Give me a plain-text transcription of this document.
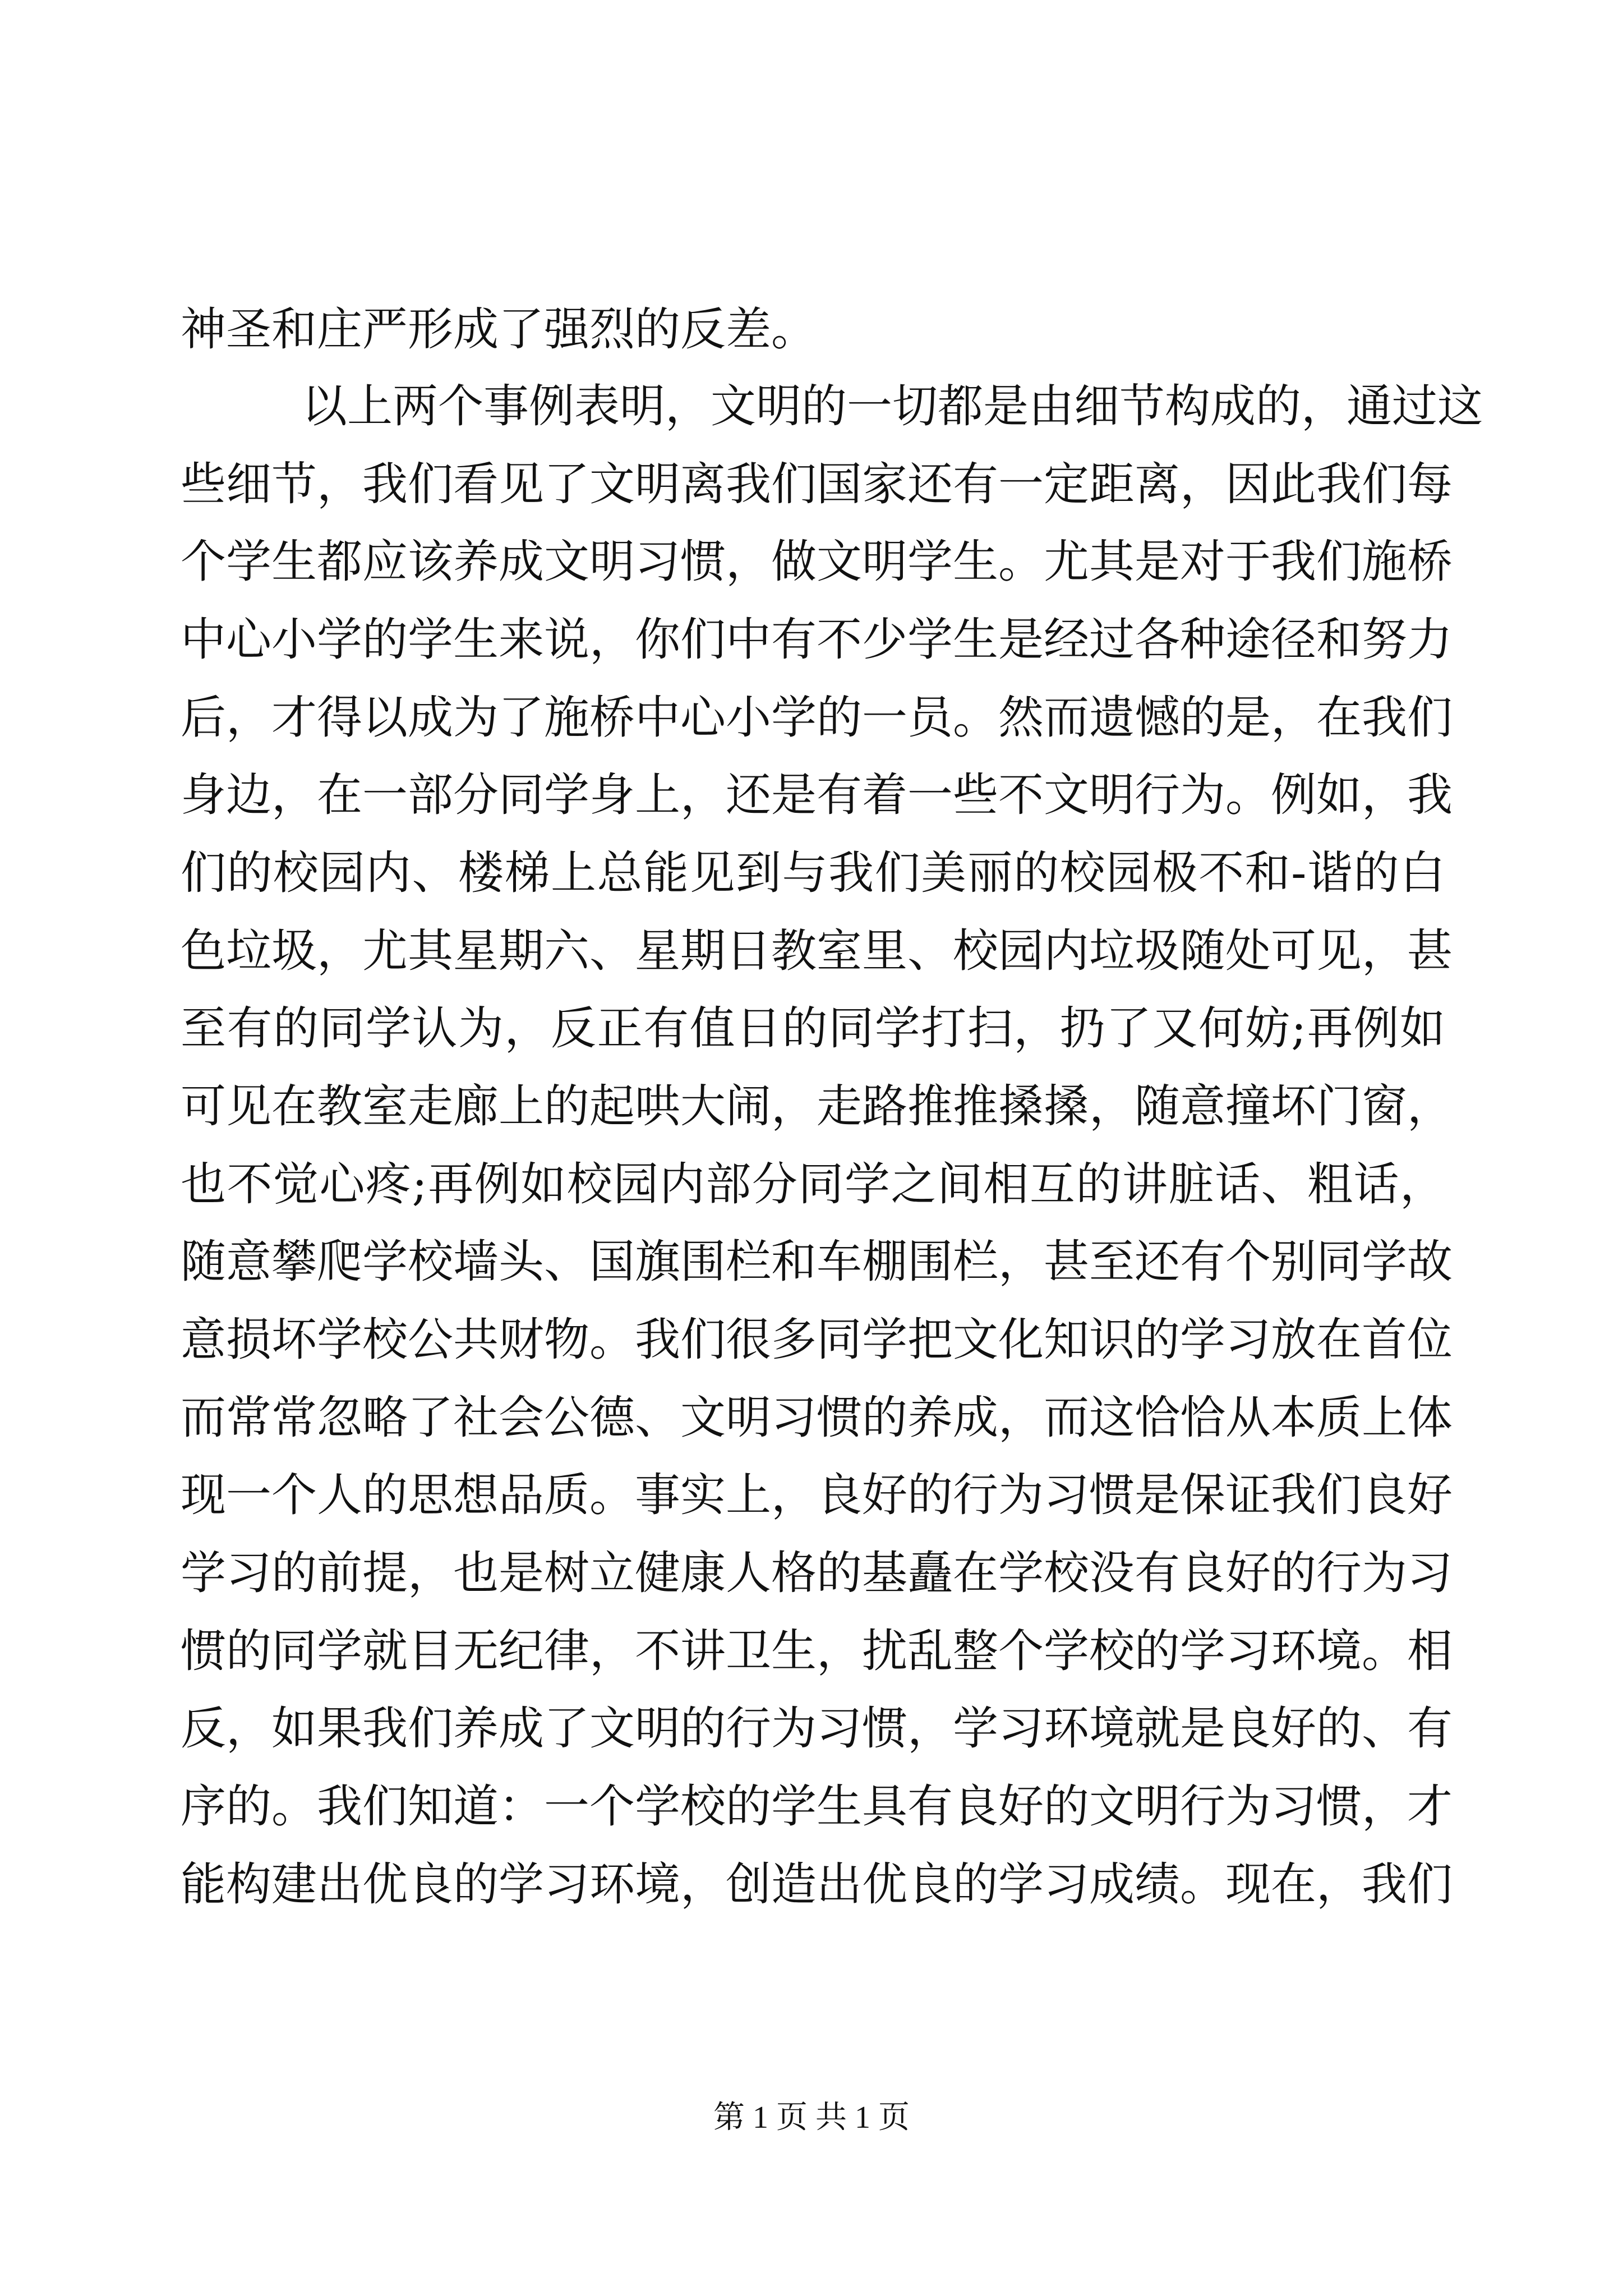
神圣和庄严形成了强烈的反差。
以上两个事例表明，文明的一切都是由细节构成的，通过这
些细节，我们看见了文明离我们国家还有一定距离，因此我们每
个学生都应该养成文明习惯，做文明学生。尤其是对于我们施桥
中心小学的学生来说，你们中有不少学生是经过各种途径和努力
后，才得以成为了施桥中心小学的一员。然而遗憾的是，在我们
身边，在一部分同学身上，还是有着一些不文明行为。例如，我
们的校园内、楼梯上总能见到与我们美丽的校园极不和-谐的白
色垃圾，尤其星期六、星期日教室里、校园内垃圾随处可见，甚
至有的同学认为，反正有值日的同学打扫，扔了又何妨;再例如
可见在教室走廊上的起哄大闹，走路推推搡搡，随意撞坏门窗，
也不觉心疼;再例如校园内部分同学之间相互的讲脏话、粗话，
随意攀爬学校墙头、国旗围栏和车棚围栏，甚至还有个别同学故
意损坏学校公共财物。我们很多同学把文化知识的学习放在首位
而常常忽略了社会公德、文明习惯的养成，而这恰恰从本质上体
现一个人的思想品质。事实上，良好的行为习惯是保证我们良好
学习的前提，也是树立健康人格的基矗在学校没有良好的行为习
惯的同学就目无纪律，不讲卫生，扰乱整个学校的学习环境。相
反，如果我们养成了文明的行为习惯，学习环境就是良好的、有
序的。我们知道：一个学校的学生具有良好的文明行为习惯，才
能构建出优良的学习环境，创造出优良的学习成绩。现在，我们
第 1 页 共 1 页
